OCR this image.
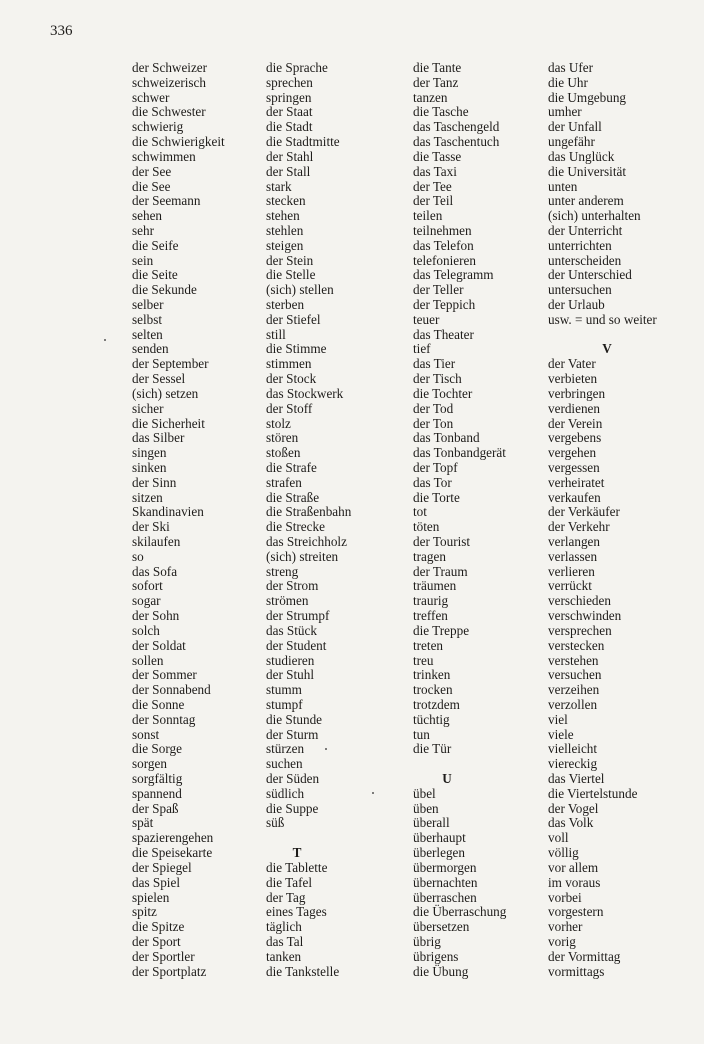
336
der Schweizer
schweizerisch
schwer
die Schwester
schwierig
die Schwierigkeit
schwimmen
der See
die See
der Seemann
sehen
sehr
die Seife
sein
die Seite
die Sekunde
selber
selbst
selten
senden
der September
der Sessel
(sich) setzen
sicher
die Sicherheit
das Silber
singen
sinken
der Sinn
sitzen
Skandinavien
der Ski
skilaufen
so
das Sofa
sofort
sogar
der Sohn
solch
der Soldat
sollen
der Sommer
der Sonnabend
die Sonne
der Sonntag
sonst
die Sorge
sorgen
sorgfältig
spannend
der Spaß
spät
spazierengehen
die Speisekarte
der Spiegel
das Spiel
spielen
spitz
die Spitze
der Sport
der Sportler
der Sportplatz
die Sprache
sprechen
springen
der Staat
die Stadt
die Stadtmitte
der Stahl
der Stall
stark
stecken
stehen
stehlen
steigen
der Stein
die Stelle
(sich) stellen
sterben
der Stiefel
still
die Stimme
stimmen
der Stock
das Stockwerk
der Stoff
stolz
stören
stoßen
die Strafe
strafen
die Straße
die Straßenbahn
die Strecke
das Streichholz
(sich) streiten
streng
der Strom
strömen
der Strumpf
das Stück
der Student
studieren
der Stuhl
stumm
stumpf
die Stunde
der Sturm
stürzen
suchen
der Süden
südlich
die Suppe
süß
T
die Tablette
die Tafel
der Tag
eines Tages
täglich
das Tal
tanken
die Tankstelle
die Tante
der Tanz
tanzen
die Tasche
das Taschengeld
das Taschentuch
die Tasse
das Taxi
der Tee
der Teil
teilen
teilnehmen
das Telefon
telefonieren
das Telegramm
der Teller
der Teppich
teuer
das Theater
tief
das Tier
der Tisch
die Tochter
der Tod
der Ton
das Tonband
das Tonbandgerät
der Topf
das Tor
die Torte
tot
töten
der Tourist
tragen
der Traum
träumen
traurig
treffen
die Treppe
treten
treu
trinken
trocken
trotzdem
tüchtig
tun
die Tür
U
übel
üben
überall
überhaupt
überlegen
übermorgen
übernachten
überraschen
die Überraschung
übersetzen
übrig
übrigens
die Übung
das Ufer
die Uhr
die Umgebung
umher
der Unfall
ungefähr
das Unglück
die Universität
unten
unter anderem
(sich) unterhalten
der Unterricht
unterrichten
unterscheiden
der Unterschied
untersuchen
der Urlaub
usw. = und so weiter
V
der Vater
verbieten
verbringen
verdienen
der Verein
vergebens
vergehen
vergessen
verheiratet
verkaufen
der Verkäufer
der Verkehr
verlangen
verlassen
verlieren
verrückt
verschieden
verschwinden
versprechen
verstecken
verstehen
versuchen
verzeihen
verzollen
viel
viele
vielleicht
viereckig
das Viertel
die Viertelstunde
der Vogel
das Volk
voll
völlig
vor allem
im voraus
vorbei
vorgestern
vorher
vorig
der Vormittag
vormittags
